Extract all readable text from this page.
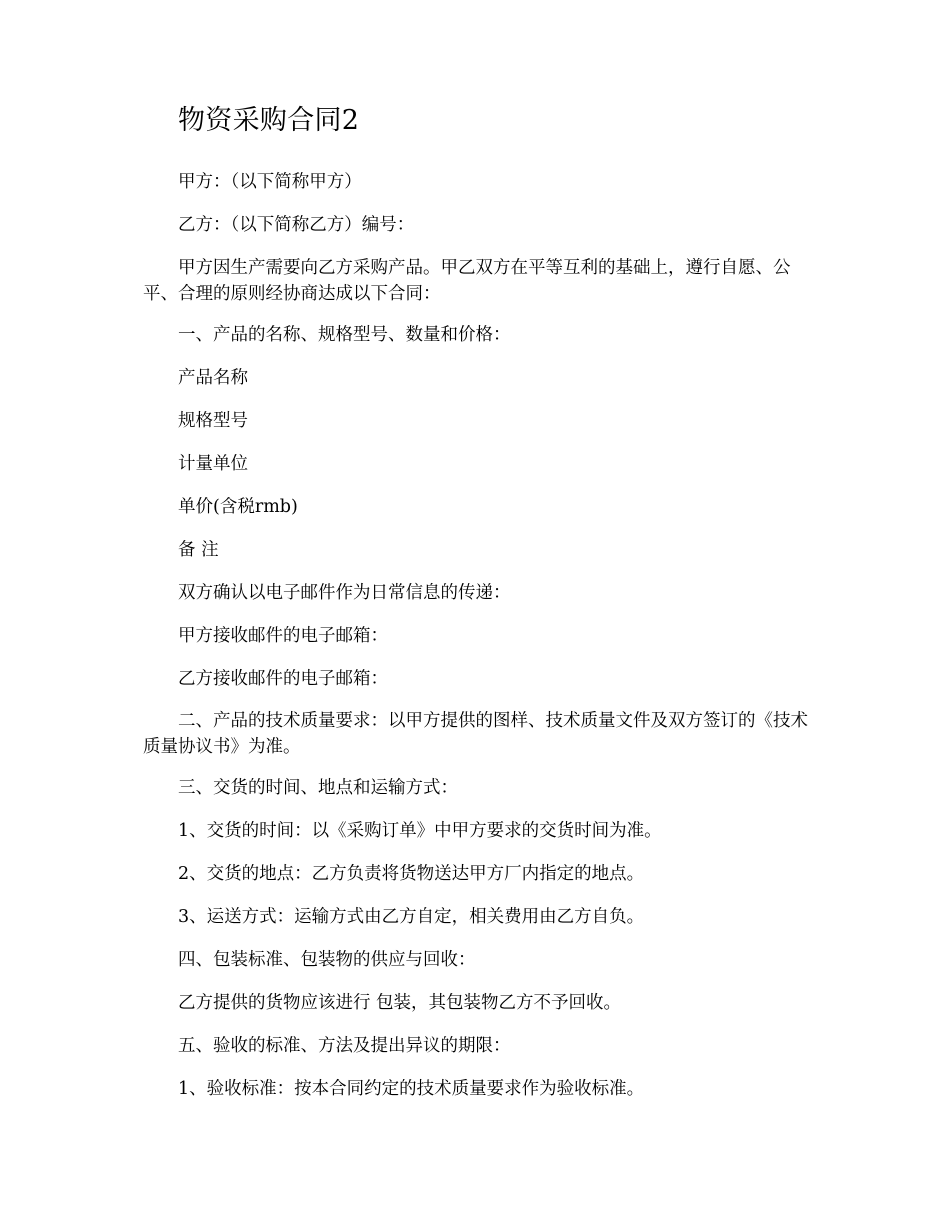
物资采购合同2
甲方：（以下简称甲方）
乙方：（以下简称乙方）编号：
甲方因生产需要向乙方采购产品。甲乙双方在平等互利的基础上，遵行自愿、公平、合理的原则经协商达成以下合同：
一、产品的名称、规格型号、数量和价格：
产品名称
规格型号
计量单位
单价(含税rmb)
备 注
双方确认以电子邮件作为日常信息的传递：
甲方接收邮件的电子邮箱：
乙方接收邮件的电子邮箱：
二、产品的技术质量要求：以甲方提供的图样、技术质量文件及双方签订的《技术质量协议书》为准。
三、交货的时间、地点和运输方式：
1、交货的时间：以《采购订单》中甲方要求的交货时间为准。
2、交货的地点：乙方负责将货物送达甲方厂内指定的地点。
3、运送方式：运输方式由乙方自定，相关费用由乙方自负。
四、包装标准、包装物的供应与回收：
乙方提供的货物应该进行 包装，其包装物乙方不予回收。
五、验收的标准、方法及提出异议的期限：
1、验收标准：按本合同约定的技术质量要求作为验收标准。
